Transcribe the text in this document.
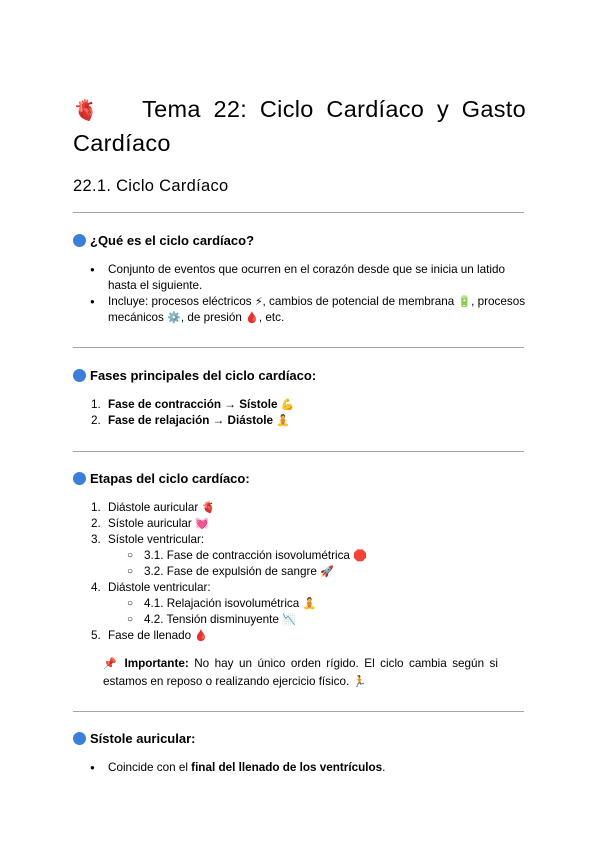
🫀 Tema 22: Ciclo Cardíaco y Gasto Cardíaco
22.1. Ciclo Cardíaco

¿Qué es el ciclo cardíaco?

● Conjunto de eventos que ocurren en el corazón desde que se inicia un latido hasta el siguiente.
● Incluye: procesos eléctricos ⚡, cambios de potencial de membrana 🔋, procesos mecánicos ⚙️, de presión 🩸, etc.

Fases principales del ciclo cardíaco:

1. Fase de contracción → Sístole 💪
2. Fase de relajación → Diástole 🧘

Etapas del ciclo cardíaco:

1. Diástole auricular 🫀
2. Sístole auricular 💓
3. Sístole ventricular:
○ 3.1. Fase de contracción isovolumétrica 🛑
○ 3.2. Fase de expulsión de sangre 🚀
4. Diástole ventricular:
○ 4.1. Relajación isovolumétrica 🧘
○ 4.2. Tensión disminuyente 📉
5. Fase de llenado 🩸

📌 Importante: No hay un único orden rígido. El ciclo cambia según si estamos en reposo o realizando ejercicio físico. 🏃

Sístole auricular:

● Coincide con el final del llenado de los ventrículos.
